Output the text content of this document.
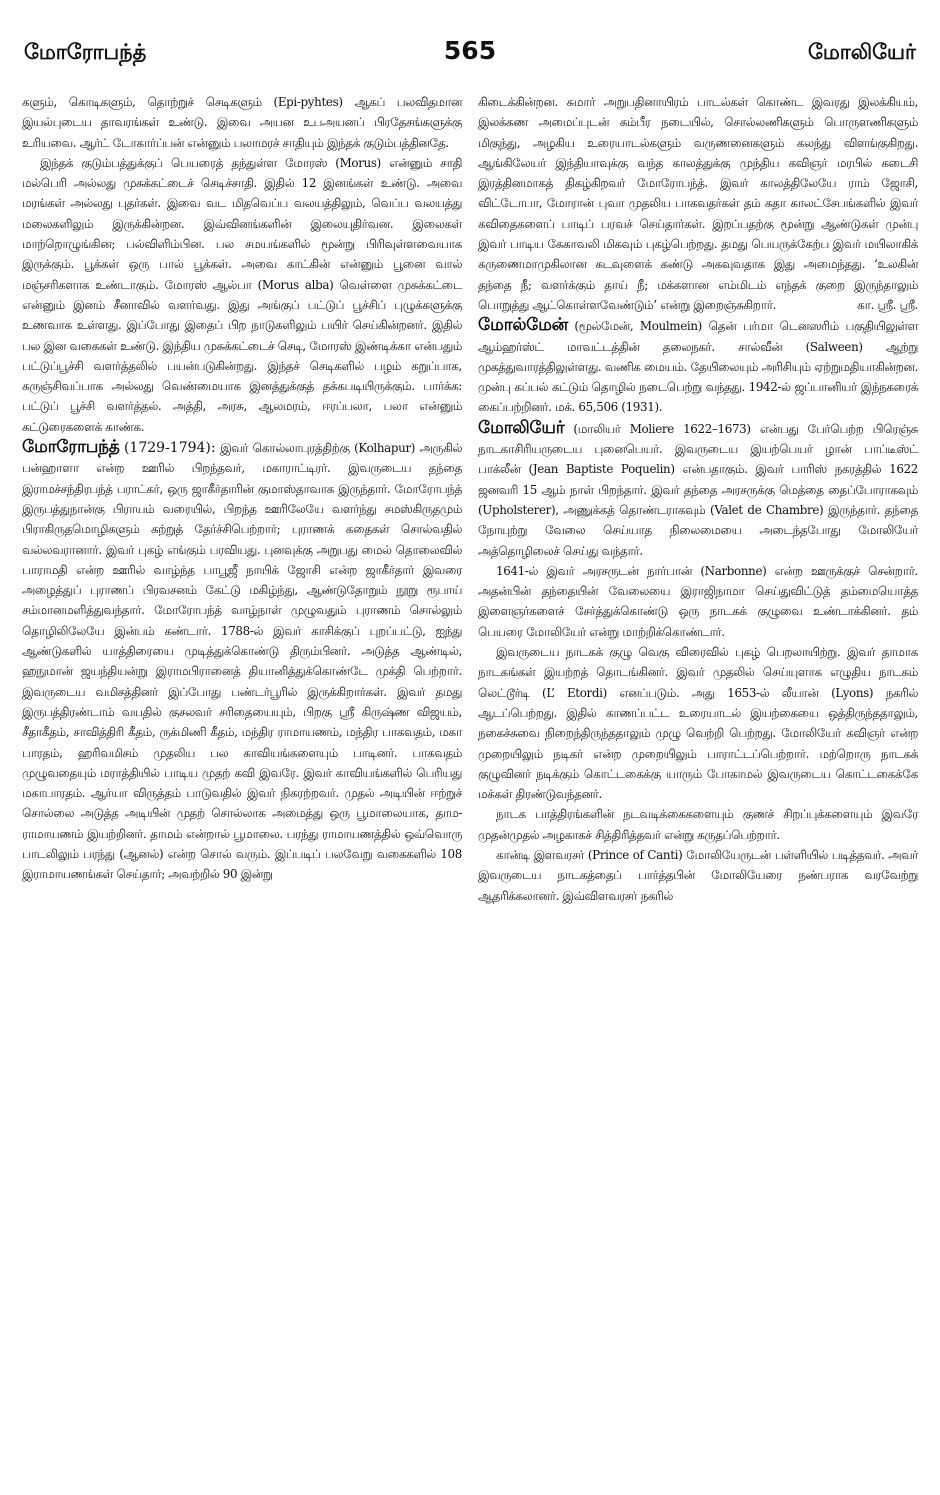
மோரோபந்த்	565	மோலியேர்

களும், கொடிகளும், தொற்றுச் செடிகளும் (Epi-pyhtes) ஆகப் பலவிதமான இயல்புடைய தாவரங்கள் உண்டு. இவை அயன உபஅயனப் பிரதேசங்களுக்கு உரியவை. ஆர்ட் டோகார்ப்பன் என்னும் பலாமரச் சாதியும் இந்தக் குடும்பத்தினதே.

இந்தக் குடும்பத்துக்குப் பெயரைத் தந்துள்ள மோரஸ் (Morus) என்னும் சாதி மல்பெரி அல்லது முசுக்கட்டைச் செடிச்சாதி. இதில் 12 இனங்கள் உண்டு. அவை மரங்கள் அல்லது புதர்கள். இவை வட மிதவெப்ப வலயத்திலும், வெப்ப வலயத்து மலைகளிலும் இருக்கின்றன. இவ்வினங்களின் இலையுதிர்வன. இலைகள் மாற்றொழுங்கின; பல்விளிம்பின. பல சமயங்களில் மூன்று பிரிவுள்ளவையாக இருக்கும். பூக்கள் ஒரு பால் பூக்கள். அவை காட்கின் என்னும் பூனை வால் மஞ்சரிகளாக உண்டாகும். மோரஸ் ஆல்பா (Morus alba) வெள்ளை முசுக்கட்டை என்னும் இனம் சீனாவில் வளர்வது. இது அங்குப் பட்டுப் பூச்சிப் புழுக்களுக்கு உணவாக உள்ளது. இப்போது இதைப் பிற நாடுகளிலும் பயிர் செய்கின்றனர். இதில் பல இன வகைகள் உண்டு. இந்திய முசுக்கட்டைச் செடி, மோரஸ் இண்டிக்கா என்பதும் பட்டுப்பூச்சி வளர்த்தலில் பயன்படுகின்றது. இந்தச் செடிகளில் பழம் கறுப்பாக, கருஞ்சிவப்பாக அல்லது வெண்மையாக இனத்துக்குத் தக்கபடியிருக்கும். பார்க்க: பட்டுப் பூச்சி வளர்த்தல். அத்தி, அரசு, ஆலமரம், ஈரப்பலா, பலா என்னும் கட்டுரைகளைக் காண்க.

மோரோபந்த் (1729-1794): இவர் கொல்லாபுரத்திற்கு (Kolhapur) அருகில் பன்ஹாளா என்ற ஊரில் பிறந்தவர், மகாராட்டிரர். இவருடைய தந்தை இராமச்சந்திரபந்த் பராட்கர், ஒரு ஜாகீர்தாரின் குமாஸ்தாவாக இருந்தார். மோரோபந்த் இருபத்துநான்கு பிராயம் வரையில், பிறந்த ஊரிலேயே வளர்ந்து சமஸ்கிருதமும் பிராகிருதமொழிகளும் கற்றுத் தேர்ச்சிபெற்றார்; புராணக் கதைகள் சொல்வதில் வல்லவரானார். இவர் புகழ் எங்கும் பரவியது. புனவுக்கு அறுபது மைல் தொலைவில் பாராமதி என்ற ஊரில் வாழ்ந்த பாபூஜீ நாயிக் ஜோசி என்ற ஜாகீர்தார் இவரை அழைத்துப் புராணப் பிரவசனம் கேட்டு மகிழ்ந்து, ஆண்டுதோறும் நூறு ரூபாய் சம்மானமளித்துவந்தார். மோரோபந்த் வாழ்நாள் முழுவதும் புராணம் சொல்லும் தொழிலிலேயே இன்பம் கண்டார். 1788-ல் இவர் காசிக்குப் புறப்பட்டு, ஐந்து ஆண்டுகளில் யாத்திரையை முடித்துக்கொண்டு திரும்பினர். அடுத்த ஆண்டில், ஹநுமான் ஜயந்தியன்று இராமபிரானைத் தியானித்துக்கொண்டே முக்தி பெற்றார். இவருடைய வமிசத்தினர் இப்போது பண்டர்பூரில் இருக்கிறார்கள். இவர் தமது இருபத்திரண்டாம் வயதில் குசலவர் சரிதையையும், பிறகு ஸ்ரீ கிருஷ்ண விஜயம், சீதாகீதம், சாவித்திரி கீதம், ருக்மிணி கீதம், மந்திர ராமாயணம், மந்திர பாகவதம், மகா பாரதம், ஹரிவமிசம் முதலிய பல காவியங்களையும் பாடினர். பாகவதம் முழுவதையும் மராத்தியில் பாடிய முதற் கவி இவரே. இவர் காவியங்களில் பெரியது மகாபாரதம். ஆர்யா விருத்தம் பாடுவதில் இவர் நிகரற்றவர். முதல் அடியின் ஈற்றுச் சொல்லை அடுத்த அடியின் முதற் சொல்லாக அமைத்து ஒரு பூமாலையாக, தாம-ராமாயணம் இயற்றினர். தாமம் என்றால் பூமாலை. பரந்து ராமாயணத்தில் ஒவ்வொரு பாடலிலும் பரந்து (ஆனல்) என்ற சொல் வரும். இப்படிப் பலவேறு வகைகளில் 108 இராமாயணங்கள் செய்தார்; அவற்றில் 90 இன்று

கிடைக்கின்றன. சுமார் அறுபதினாயிரம் பாடல்கள் கொண்ட இவரது இலக்கியம், இலக்கண அமைப்புடன் கம்பீர நடையில், சொல்லணிகளும் பொருளணிகளும் மிகுந்து, அழகிய உரையாடல்களும் வருணனைகளும் கலந்து விளங்குகிறது. ஆங்கிலேயர் இந்தியாவுக்கு வந்த காலத்துக்கு முந்திய கவிஞர் மரபில் கடைசி இரத்தினமாகத் திகழ்கிறவர் மோரோபந்த். இவர் காலத்திலேயே ராம் ஜோசி, விட்டோபா, மோரான் புவா முதலிய பாகவதர்கள் தம் கதா காலட்சேபங்களில் இவர் கவிதைகளைப் பாடிப் பரவச் செய்தார்கள். இறப்பதற்கு மூன்று ஆண்டுகள் முன்பு இவர் பாடிய கேகாவலி மிகவும் புகழ்பெற்றது. தமது பெயருக்கேற்ப இவர் மயிலாகிக் கருணைமாமுகிலான கடவுளைக் கண்டு அகவுவதாக இது அமைந்தது. ‘உலகின் தந்தை நீ; வளர்க்கும் தாய் நீ; மக்களான எம்மிடம் எந்தக் குறை இருந்தாலும் பொறுத்து ஆட்கொள்ளவேண்டும்’ என்று இறைஞ்சுகிறார்.	கா. ஸ்ரீ. ஸ்ரீ.

மோல்மேன் (மூல்மேன், Moulmein) தென் பர்மா டெனஸரிம் பகுதியிலுள்ள ஆம்ஹர்ஸ்ட் மாவட்டத்தின் தலைநகர். சால்வீன் (Salween) ஆற்று முகத்துவாரத்திலுள்ளது. வணிக மையம். தேயிலையும் அரிசியும் ஏற்றுமதியாகின்றன. முன்பு கப்பல் கட்டும் தொழில் நடைபெற்று வந்தது. 1942-ல் ஜப்பானியர் இந்நகரைக் கைப்பற்றினர். மக். 65,506 (1931).

மோலியேர் (மாலியர் Moliere 1622–1673) என்பது பேர்பெற்ற பிரெஞ்சு நாடகாசிரியருடைய புனைபெயர். இவருடைய இயற்பெயர் ழான் பாப்டீஸ்ட் பாக்லீன் (Jean Baptiste Poquelin) என்பதாகும். இவர் பாரிஸ் நகரத்தில் 1622 ஜனவரி 15 ஆம் நாள் பிறந்தார். இவர் தந்தை அரசருக்கு மெத்தை தைப்போராகவும் (Upholsterer), அணுக்கத் தொண்டராகவும் (Valet de Chambre) இருந்தார். தந்தை நோயுற்று வேலை செய்யாத நிலைமையை அடைந்தபோது மோலியேர் அத்தொழிலைச் செய்து வந்தார்.

1641-ல் இவர் அரசருடன் நார்பான் (Narbonne) என்ற ஊருக்குச் சென்றார். அதன்பின் தந்தையின் வேலையை இராஜிநாமா செய்துவிட்டுத் தம்மையொத்த இளைஞர்களைச் சேர்த்துக்கொண்டு ஒரு நாடகக் குழுவை உண்டாக்கினர். தம் பெயரை மோலியேர் என்று மாற்றிக்கொண்டார்.

இவருடைய நாடகக் குழு வெகு விரைவில் புகழ் பெறலாயிற்று. இவர் தாமாக நாடகங்கள் இயற்றத் தொடங்கினர். இவர் முதலில் செய்யுளாக எழுதிய நாடகம் லெட்டூர்டி (L’ Etordi) எனப்படும். அது 1653-ல் லீயான் (Lyons) நகரில் ஆடப்பெற்றது. இதில் காணப்பட்ட உரையாடல் இயற்கையை ஒத்திருந்ததாலும், நகைச்சுவை நிறைந்திருந்ததாலும் முழு வெற்றி பெற்றது. மோலியேர் கவிஞர் என்ற முறையிலும் நடிகர் என்ற முறையிலும் பாராட்டப்பெற்றார். மற்றொரு நாடகக் குழுவினர் நடிக்கும் கொட்டகைக்கு யாரும் போகாமல் இவருடைய கொட்டகைக்கே மக்கள் திரண்டுவந்தனர்.

நாடக பாத்திரங்களின் நடவடிக்கைகளையும் குணச் சிறப்புக்களையும் இவரே முதன்முதல் அழகாகச் சித்திரித்தவர் என்று கருதப்பெற்றார்.

கான்டி இளவரசர் (Prince of Canti) மோலியேருடன் பள்ளியில் படித்தவர். அவர் இவருடைய நாடகத்தைப் பார்த்தபின் மோலியேரை நண்பராக வரவேற்று ஆதரிக்கலானர். இவ்விளவரசர் நகரில்
